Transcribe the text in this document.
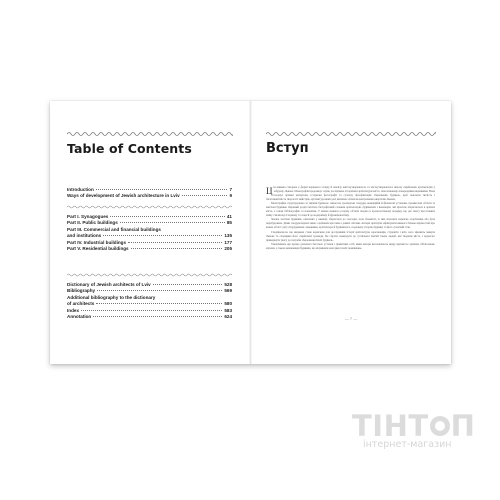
Table of Contents
Introduction	7
Ways of development of Jewish architecture in Lviv	9
Part I. Synagogues	41
Part II. Public buildings	85
Part III. Commercial and financial buildings
and institutions	135
Part IV. Industrial buildings	177
Part V. Residential buildings	205
Dictionary of Jewish architects of Lviv	528
Bibliography	569
Additional bibliography to the dictionary
of architects	580
Index	583
Annotation	624
Вступ

Ція книжка створена у формі наукового огляду й аналізу житлоутворюючого та містоутворюючого внеску єврейських архітекторів у забудову Львова. Монографія продовжує серію досліджень історичної архітектури міста, започатковану попередніми виданнями. Вона поєднує архівні матеріали, історичні фотографії та сучасну фотофіксацію збережених будівель, щоб показати тяглість і багатоманітність творчості майстрів, архітектура яких досі визначає обличчя центральних кварталів Львова.

Монографію структуровано за типами будівель: синагоги, громадські споруди, комерційні й фінансові установи, промислові об'єкти та житлові будинки. Окремий розділ містить біографічний словник архітекторів, будівничих і інженерів, чиї проєкти зберігаються в архівах міста, а також бібліографію та покажчик. У межах кожного розділу об'єкти подано в хронологічному порядку, що дає змогу простежити зміну стилів від історизму та сецесії до модернізму й функціоналізму.

Значна частина будинків, описаних у книжці, збереглася до сьогодні, хоча більшість із них втратила первісне оздоблення або була перебудована. Деякі споруди відомі лише з архівних креслень і давніх світлин. Автори прагнули зафіксувати якомога більше відомостей про кожен об'єкт: дату спорудження, замовника, архітектора й будівничого, подальшу історію будинку та його сучасний стан.

Сподіваємося, що видання стане корисним для дослідників історії архітектури, краєзнавців, студентів і всіх, кого цікавить минуле Львова та спадщина його єврейської громади. Це спроба повернути до суспільної пам'яті імена людей, які творили місто, і водночас привернути увагу до потреби збереження їхніх будівель.

Уможливила цю працю допомога багатьох установ і приватних осіб, яким автори висловлюють щиру вдячність: архівам, бібліотекам, музеям, а також мешканцям будинків, що відчинили нам двері своїх помешкань.

— 7 —
ТІНТ П
інтернет-магазин
